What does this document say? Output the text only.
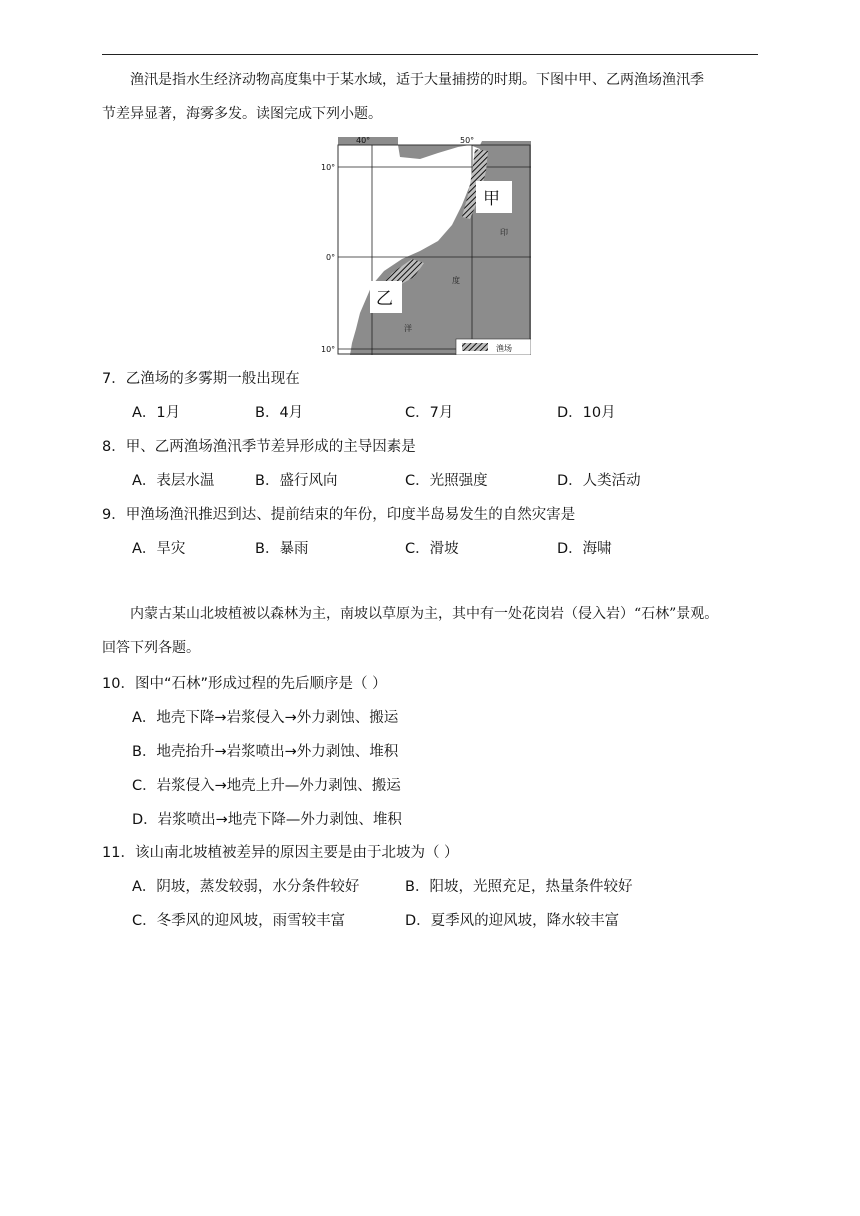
渔汛是指水生经济动物高度集中于某水域，适于大量捕捞的时期。下图中甲、乙两渔场渔汛季
节差异显著，海雾多发。读图完成下列小题。
40°	50°
10°
0°
10°
甲
乙
印
度
洋
渔场
7．乙渔场的多雾期一般出现在
A．1月	B．4月	C．7月	D．10月
8．甲、乙两渔场渔汛季节差异形成的主导因素是
A．表层水温	B．盛行风向	C．光照强度	D．人类活动
9．甲渔场渔汛推迟到达、提前结束的年份，印度半岛易发生的自然灾害是
A．旱灾	B．暴雨	C．滑坡	D．海啸
内蒙古某山北坡植被以森林为主，南坡以草原为主，其中有一处花岗岩（侵入岩）“石林”景观。
回答下列各题。
10．图中“石林”形成过程的先后顺序是（ ）
A．地壳下降→岩浆侵入→外力剥蚀、搬运
B．地壳抬升→岩浆喷出→外力剥蚀、堆积
C．岩浆侵入→地壳上升—外力剥蚀、搬运
D．岩浆喷出→地壳下降—外力剥蚀、堆积
11．该山南北坡植被差异的原因主要是由于北坡为（ ）
A．阴坡，蒸发较弱，水分条件较好	B．阳坡，光照充足，热量条件较好
C．冬季风的迎风坡，雨雪较丰富	D．夏季风的迎风坡，降水较丰富
